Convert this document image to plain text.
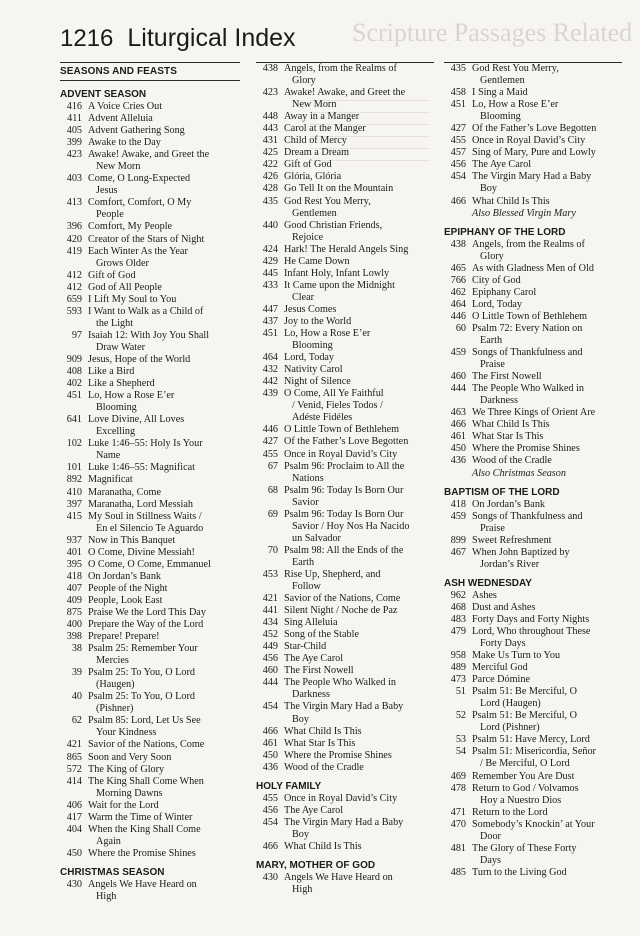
Scripture Passages Related
1216 Liturgical Index
SEASONS AND FEASTS
ADVENT SEASON
416 A Voice Cries Out
411 Advent Alleluia
405 Advent Gathering Song
399 Awake to the Day
423 Awake! Awake, and Greet the
New Morn
403 Come, O Long-Expected
Jesus
413 Comfort, Comfort, O My
People
396 Comfort, My People
420 Creator of the Stars of Night
419 Each Winter As the Year
Grows Older
412 Gift of God
412 God of All People
659 I Lift My Soul to You
593 I Want to Walk as a Child of
the Light
97 Isaiah 12: With Joy You Shall
Draw Water
909 Jesus, Hope of the World
408 Like a Bird
402 Like a Shepherd
451 Lo, How a Rose E’er
Blooming
641 Love Divine, All Loves
Excelling
102 Luke 1:46–55: Holy Is Your
Name
101 Luke 1:46–55: Magnificat
892 Magnificat
410 Maranatha, Come
397 Maranatha, Lord Messiah
415 My Soul in Stillness Waits /
En el Silencio Te Aguardo
937 Now in This Banquet
401 O Come, Divine Messiah!
395 O Come, O Come, Emmanuel
418 On Jordan’s Bank
407 People of the Night
409 People, Look East
875 Praise We the Lord This Day
400 Prepare the Way of the Lord
398 Prepare! Prepare!
38 Psalm 25: Remember Your
Mercies
39 Psalm 25: To You, O Lord
(Haugen)
40 Psalm 25: To You, O Lord
(Pishner)
62 Psalm 85: Lord, Let Us See
Your Kindness
421 Savior of the Nations, Come
865 Soon and Very Soon
572 The King of Glory
414 The King Shall Come When
Morning Dawns
406 Wait for the Lord
417 Warm the Time of Winter
404 When the King Shall Come
Again
450 Where the Promise Shines
CHRISTMAS SEASON
430 Angels We Have Heard on
High
438 Angels, from the Realms of
Glory
423 Awake! Awake, and Greet the
New Morn
448 Away in a Manger
443 Carol at the Manger
431 Child of Mercy
425 Dream a Dream
422 Gift of God
426 Glória, Glória
428 Go Tell It on the Mountain
435 God Rest You Merry,
Gentlemen
440 Good Christian Friends,
Rejoice
424 Hark! The Herald Angels Sing
429 He Came Down
445 Infant Holy, Infant Lowly
433 It Came upon the Midnight
Clear
447 Jesus Comes
437 Joy to the World
451 Lo, How a Rose E’er
Blooming
464 Lord, Today
432 Nativity Carol
442 Night of Silence
439 O Come, All Ye Faithful
/ Venid, Fieles Todos /
Adéste Fidéles
446 O Little Town of Bethlehem
427 Of the Father’s Love Begotten
455 Once in Royal David’s City
67 Psalm 96: Proclaim to All the
Nations
68 Psalm 96: Today Is Born Our
Savior
69 Psalm 96: Today Is Born Our
Savior / Hoy Nos Ha Nacido
un Salvador
70 Psalm 98: All the Ends of the
Earth
453 Rise Up, Shepherd, and
Follow
421 Savior of the Nations, Come
441 Silent Night / Noche de Paz
434 Sing Alleluia
452 Song of the Stable
449 Star-Child
456 The Aye Carol
460 The First Nowell
444 The People Who Walked in
Darkness
454 The Virgin Mary Had a Baby
Boy
466 What Child Is This
461 What Star Is This
450 Where the Promise Shines
436 Wood of the Cradle
HOLY FAMILY
455 Once in Royal David’s City
456 The Aye Carol
454 The Virgin Mary Had a Baby
Boy
466 What Child Is This
MARY, MOTHER OF GOD
430 Angels We Have Heard on
High
435 God Rest You Merry,
Gentlemen
458 I Sing a Maid
451 Lo, How a Rose E’er
Blooming
427 Of the Father’s Love Begotten
455 Once in Royal David’s City
457 Sing of Mary, Pure and Lowly
456 The Aye Carol
454 The Virgin Mary Had a Baby
Boy
466 What Child Is This
Also Blessed Virgin Mary
EPIPHANY OF THE LORD
438 Angels, from the Realms of
Glory
465 As with Gladness Men of Old
766 City of God
462 Epiphany Carol
464 Lord, Today
446 O Little Town of Bethlehem
60 Psalm 72: Every Nation on
Earth
459 Songs of Thankfulness and
Praise
460 The First Nowell
444 The People Who Walked in
Darkness
463 We Three Kings of Orient Are
466 What Child Is This
461 What Star Is This
450 Where the Promise Shines
436 Wood of the Cradle
Also Christmas Season
BAPTISM OF THE LORD
418 On Jordan’s Bank
459 Songs of Thankfulness and
Praise
899 Sweet Refreshment
467 When John Baptized by
Jordan’s River
ASH WEDNESDAY
962 Ashes
468 Dust and Ashes
483 Forty Days and Forty Nights
479 Lord, Who throughout These
Forty Days
958 Make Us Turn to You
489 Merciful God
473 Parce Dómine
51 Psalm 51: Be Merciful, O
Lord (Haugen)
52 Psalm 51: Be Merciful, O
Lord (Pishner)
53 Psalm 51: Have Mercy, Lord
54 Psalm 51: Misericordia, Señor
/ Be Merciful, O Lord
469 Remember You Are Dust
478 Return to God / Volvamos
Hoy a Nuestro Dios
471 Return to the Lord
470 Somebody’s Knockin’ at Your
Door
481 The Glory of These Forty
Days
485 Turn to the Living God
